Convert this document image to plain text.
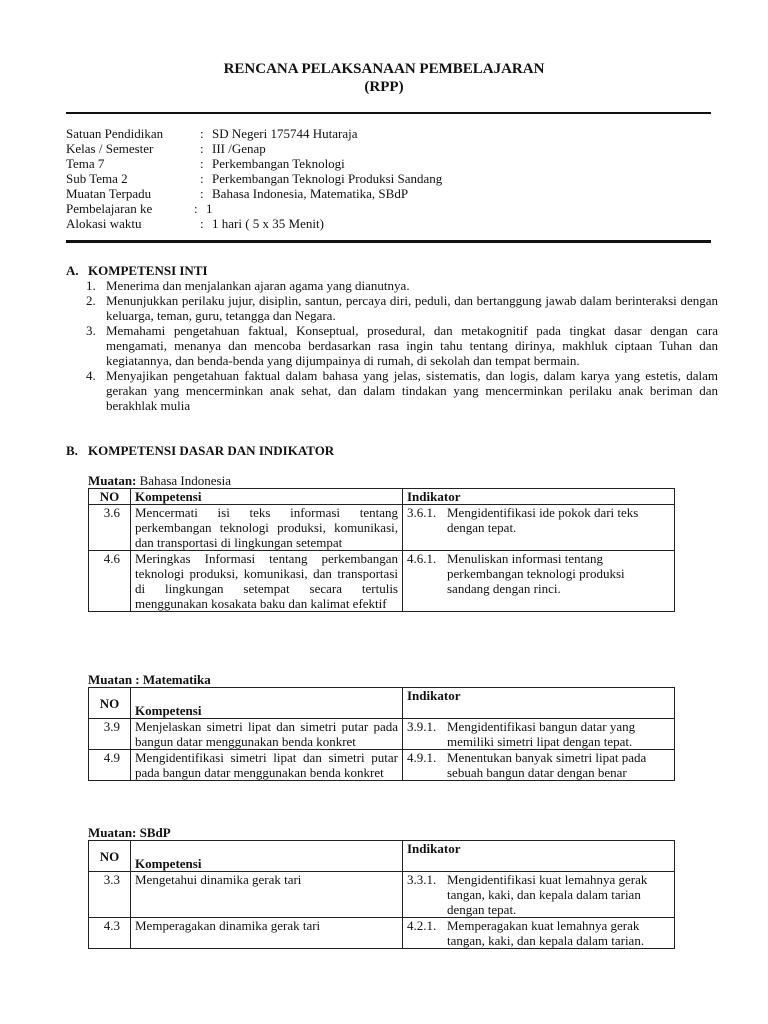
RENCANA PELAKSANAAN PEMBELAJARAN
(RPP)
Satuan Pendidikan	: SD Negeri 175744 Hutaraja
Kelas / Semester	: III /Genap
Tema 7	: Perkembangan Teknologi
Sub Tema 2	: Perkembangan Teknologi Produksi Sandang
Muatan Terpadu	: Bahasa Indonesia, Matematika, SBdP
Pembelajaran ke	: 1
Alokasi waktu	: 1 hari ( 5 x 35 Menit)
A. KOMPETENSI INTI
1. Menerima dan menjalankan ajaran agama yang dianutnya.
2. Menunjukkan perilaku jujur, disiplin, santun, percaya diri, peduli, dan bertanggung jawab dalam berinteraksi dengan keluarga, teman, guru, tetangga dan Negara.
3. Memahami pengetahuan faktual, Konseptual, prosedural, dan metakognitif pada tingkat dasar dengan cara mengamati, menanya dan mencoba berdasarkan rasa ingin tahu tentang dirinya, makhluk ciptaan Tuhan dan kegiatannya, dan benda-benda yang dijumpainya di rumah, di sekolah dan tempat bermain.
4. Menyajikan pengetahuan faktual dalam bahasa yang jelas, sistematis, dan logis, dalam karya yang estetis, dalam gerakan yang mencerminkan anak sehat, dan dalam tindakan yang mencerminkan perilaku anak beriman dan berakhlak mulia
B. KOMPETENSI DASAR DAN INDIKATOR
Muatan: Bahasa Indonesia
NO	Kompetensi	Indikator
3.6	Mencermati isi teks informasi tentang perkembangan teknologi produksi, komunikasi, dan transportasi di lingkungan setempat	3.6.1. Mengidentifikasi ide pokok dari teks
dengan tepat.

4.6	Meringkas Informasi tentang perkembangan teknologi produksi, komunikasi, dan transportasi di lingkungan setempat secara tertulis menggunakan kosakata baku dan kalimat efektif	4.6.1. Menuliskan informasi tentang perkembangan teknologi produksi sandang dengan rinci.
Muatan : Matematika
NO	Kompetensi	Indikator
3.9	Menjelaskan simetri lipat dan simetri putar pada bangun datar menggunakan benda konkret	3.9.1. Mengidentifikasi bangun datar yang memiliki simetri lipat dengan tepat.

4.9	Mengidentifikasi simetri lipat dan simetri putar pada bangun datar menggunakan benda konkret	4.9.1. Menentukan banyak simetri lipat pada sebuah bangun datar dengan benar
Muatan: SBdP
NO	Kompetensi	Indikator
3.3	Mengetahui dinamika gerak tari	3.3.1. Mengidentifikasi kuat lemahnya gerak tangan, kaki, dan kepala dalam tarian dengan tepat.

4.3	Memperagakan dinamika gerak tari	4.2.1. Memperagakan kuat lemahnya gerak tangan, kaki, dan kepala dalam tarian.
